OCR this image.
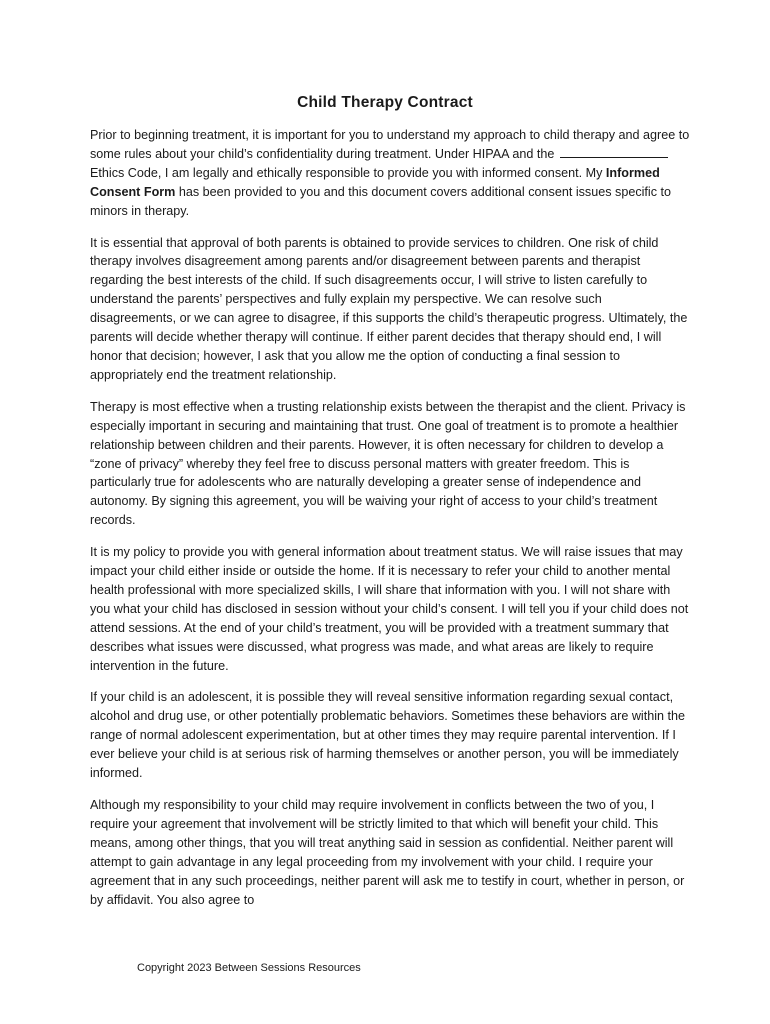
Child Therapy Contract

Prior to beginning treatment, it is important for you to understand my approach to child therapy and agree to some rules about your child’s confidentiality during treatment. Under HIPAA and the  Ethics Code, I am legally and ethically responsible to provide you with informed consent. My Informed Consent Form has been provided to you and this document covers additional consent issues specific to minors in therapy.

It is essential that approval of both parents is obtained to provide services to children. One risk of child therapy involves disagreement among parents and/or disagreement between parents and therapist regarding the best interests of the child. If such disagreements occur, I will strive to listen carefully to understand the parents’ perspectives and fully explain my perspective. We can resolve such disagreements, or we can agree to disagree, if this supports the child’s therapeutic progress. Ultimately, the parents will decide whether therapy will continue. If either parent decides that therapy should end, I will honor that decision; however, I ask that you allow me the option of conducting a final session to appropriately end the treatment relationship.

Therapy is most effective when a trusting relationship exists between the therapist and the client. Privacy is especially important in securing and maintaining that trust. One goal of treatment is to promote a healthier relationship between children and their parents. However, it is often necessary for children to develop a “zone of privacy” whereby they feel free to discuss personal matters with greater freedom. This is particularly true for adolescents who are naturally developing a greater sense of independence and autonomy. By signing this agreement, you will be waiving your right of access to your child’s treatment records.

It is my policy to provide you with general information about treatment status. We will raise issues that may impact your child either inside or outside the home. If it is necessary to refer your child to another mental health professional with more specialized skills, I will share that information with you. I will not share with you what your child has disclosed in session without your child’s consent. I will tell you if your child does not attend sessions. At the end of your child’s treatment, you will be provided with a treatment summary that describes what issues were discussed, what progress was made, and what areas are likely to require intervention in the future.

If your child is an adolescent, it is possible they will reveal sensitive information regarding sexual contact, alcohol and drug use, or other potentially problematic behaviors. Sometimes these behaviors are within the range of normal adolescent experimentation, but at other times they may require parental intervention. If I ever believe your child is at serious risk of harming themselves or another person, you will be immediately informed.

Although my responsibility to your child may require involvement in conflicts between the two of you, I require your agreement that involvement will be strictly limited to that which will benefit your child. This means, among other things, that you will treat anything said in session as confidential. Neither parent will attempt to gain advantage in any legal proceeding from my involvement with your child. I require your agreement that in any such proceedings, neither parent will ask me to testify in court, whether in person, or by affidavit. You also agree to

Copyright 2023 Between Sessions Resources
